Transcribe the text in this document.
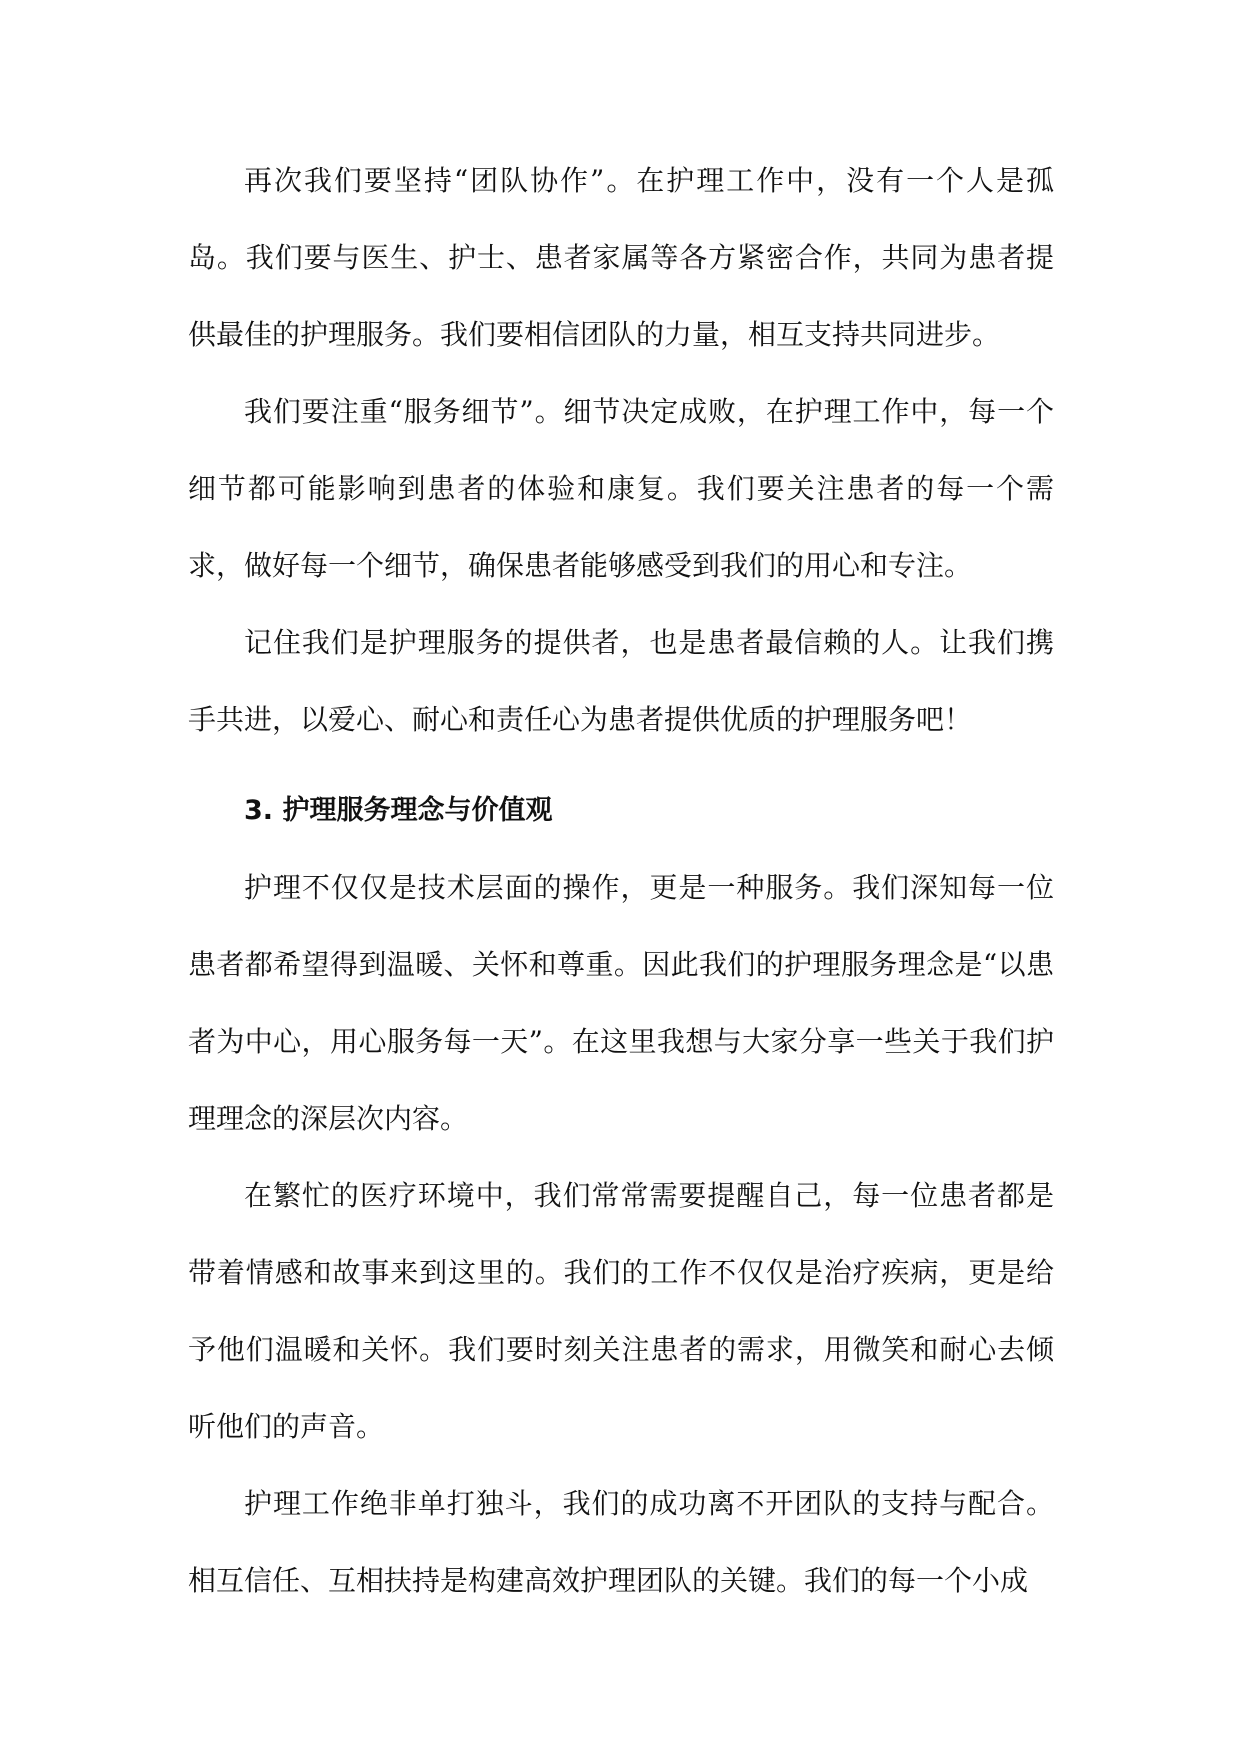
再次我们要坚持“团队协作”。在护理工作中，没有一个人是孤岛。我们要与医生、护士、患者家属等各方紧密合作，共同为患者提供最佳的护理服务。我们要相信团队的力量，相互支持共同进步。

我们要注重“服务细节”。细节决定成败，在护理工作中，每一个细节都可能影响到患者的体验和康复。我们要关注患者的每一个需求，做好每一个细节，确保患者能够感受到我们的用心和专注。

记住我们是护理服务的提供者，也是患者最信赖的人。让我们携手共进，以爱心、耐心和责任心为患者提供优质的护理服务吧！

3. 护理服务理念与价值观

护理不仅仅是技术层面的操作，更是一种服务。我们深知每一位患者都希望得到温暖、关怀和尊重。因此我们的护理服务理念是“以患者为中心，用心服务每一天”。在这里我想与大家分享一些关于我们护理理念的深层次内容。

在繁忙的医疗环境中，我们常常需要提醒自己，每一位患者都是带着情感和故事来到这里的。我们的工作不仅仅是治疗疾病，更是给予他们温暖和关怀。我们要时刻关注患者的需求，用微笑和耐心去倾听他们的声音。

护理工作绝非单打独斗，我们的成功离不开团队的支持与配合。相互信任、互相扶持是构建高效护理团队的关键。我们的每一个小成
